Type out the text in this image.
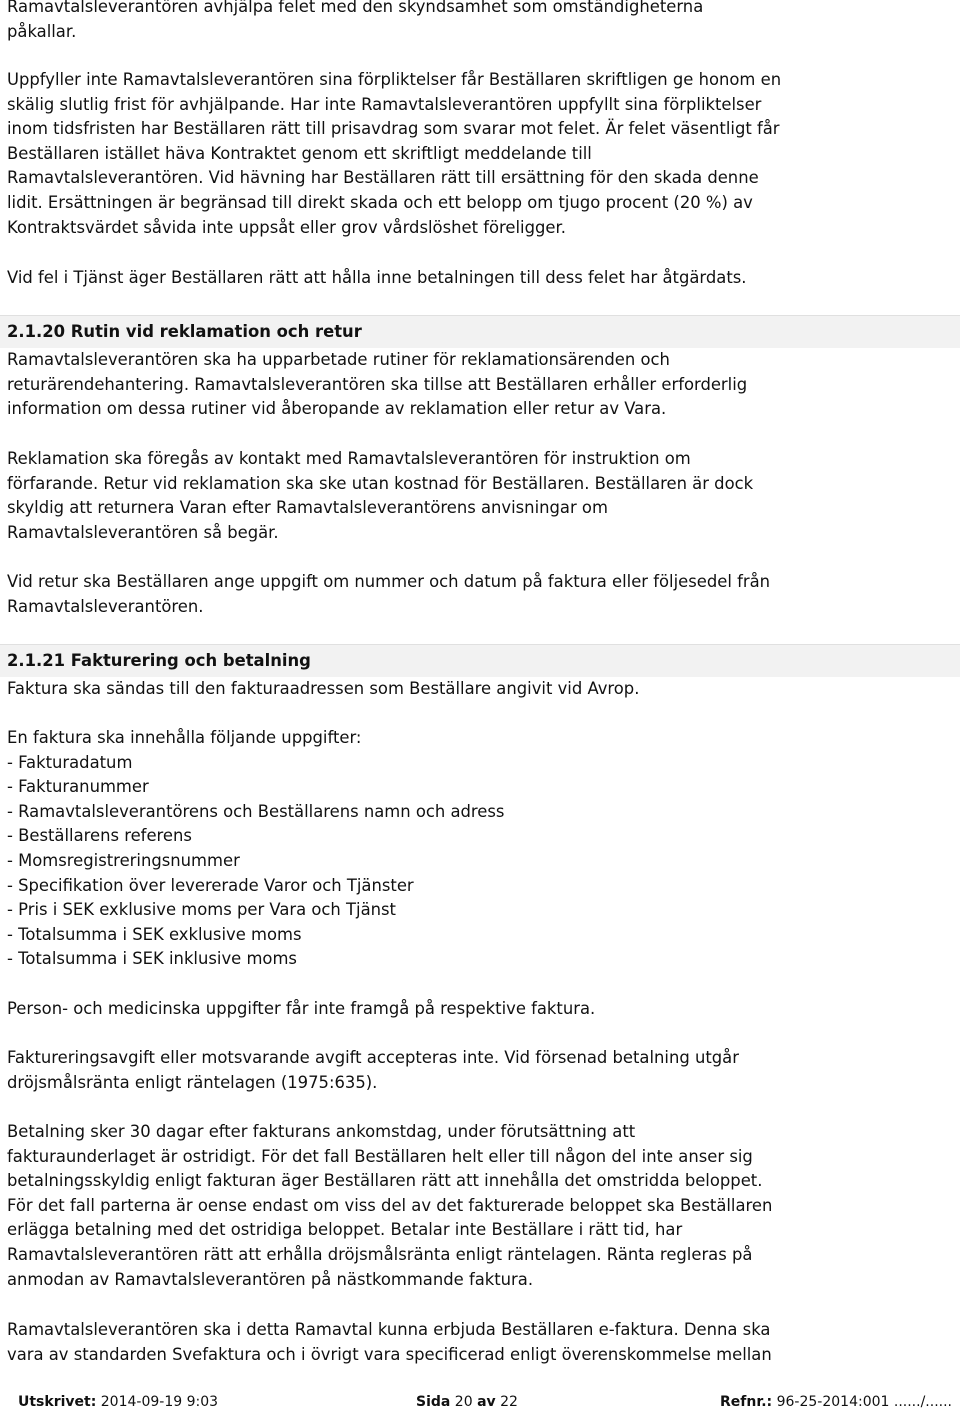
Ramavtalsleverantören avhjälpa felet med den skyndsamhet som omständigheterna
påkallar.
Uppfyller inte Ramavtalsleverantören sina förpliktelser får Beställaren skriftligen ge honom en
skälig slutlig frist för avhjälpande. Har inte Ramavtalsleverantören uppfyllt sina förpliktelser
inom tidsfristen har Beställaren rätt till prisavdrag som svarar mot felet. Är felet väsentligt får
Beställaren istället häva Kontraktet genom ett skriftligt meddelande till
Ramavtalsleverantören. Vid hävning har Beställaren rätt till ersättning för den skada denne
lidit. Ersättningen är begränsad till direkt skada och ett belopp om tjugo procent (20 %) av
Kontraktsvärdet såvida inte uppsåt eller grov vårdslöshet föreligger.
Vid fel i Tjänst äger Beställaren rätt att hålla inne betalningen till dess felet har åtgärdats.
2.1.20 Rutin vid reklamation och retur
Ramavtalsleverantören ska ha upparbetade rutiner för reklamationsärenden och
returärendehantering. Ramavtalsleverantören ska tillse att Beställaren erhåller erforderlig
information om dessa rutiner vid åberopande av reklamation eller retur av Vara.
Reklamation ska föregås av kontakt med Ramavtalsleverantören för instruktion om
förfarande. Retur vid reklamation ska ske utan kostnad för Beställaren. Beställaren är dock
skyldig att returnera Varan efter Ramavtalsleverantörens anvisningar om
Ramavtalsleverantören så begär.
Vid retur ska Beställaren ange uppgift om nummer och datum på faktura eller följesedel från
Ramavtalsleverantören.
2.1.21 Fakturering och betalning
Faktura ska sändas till den fakturaadressen som Beställare angivit vid Avrop.
En faktura ska innehålla följande uppgifter:
- Fakturadatum
- Fakturanummer
- Ramavtalsleverantörens och Beställarens namn och adress
- Beställarens referens
- Momsregistreringsnummer
- Specifikation över levererade Varor och Tjänster
- Pris i SEK exklusive moms per Vara och Tjänst
- Totalsumma i SEK exklusive moms
- Totalsumma i SEK inklusive moms
Person- och medicinska uppgifter får inte framgå på respektive faktura.
Faktureringsavgift eller motsvarande avgift accepteras inte. Vid försenad betalning utgår
dröjsmålsränta enligt räntelagen (1975:635).
Betalning sker 30 dagar efter fakturans ankomstdag, under förutsättning att
fakturaunderlaget är ostridigt. För det fall Beställaren helt eller till någon del inte anser sig
betalningsskyldig enligt fakturan äger Beställaren rätt att innehålla det omstridda beloppet.
För det fall parterna är oense endast om viss del av det fakturerade beloppet ska Beställaren
erlägga betalning med det ostridiga beloppet. Betalar inte Beställare i rätt tid, har
Ramavtalsleverantören rätt att erhålla dröjsmålsränta enligt räntelagen. Ränta regleras på
anmodan av Ramavtalsleverantören på nästkommande faktura.
Ramavtalsleverantören ska i detta Ramavtal kunna erbjuda Beställaren e-faktura. Denna ska
vara av standarden Svefaktura och i övrigt vara specificerad enligt överenskommelse mellan
Utskrivet: 2014-09-19 9:03	Sida 20 av 22	Refnr.: 96-25-2014:001 ....../......
